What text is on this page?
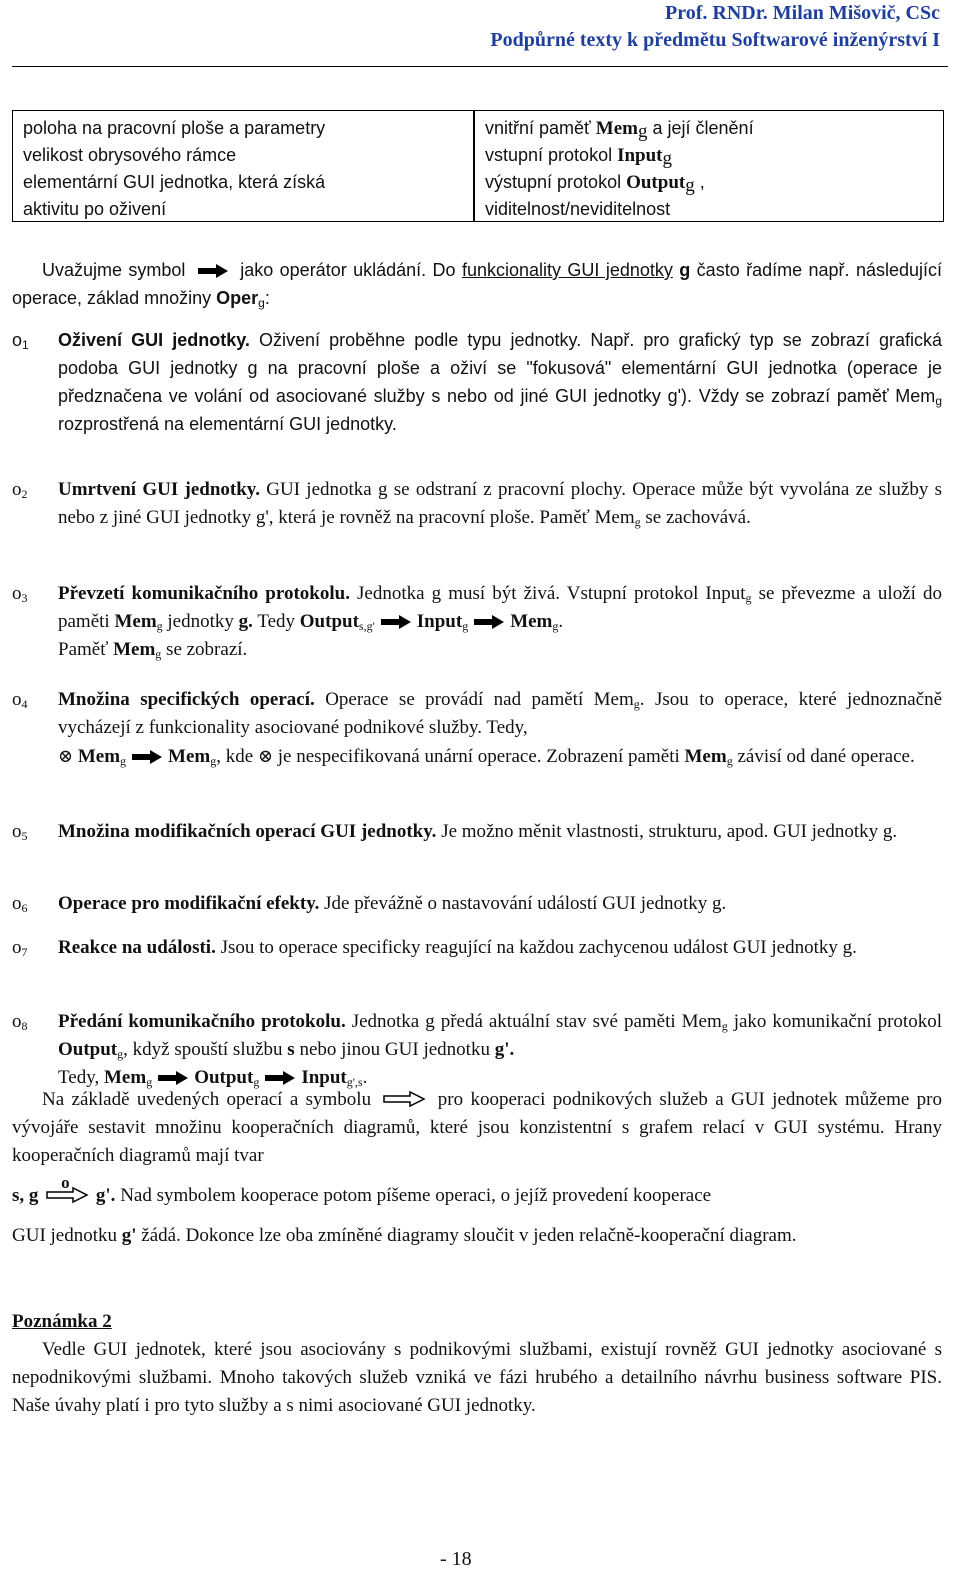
Prof. RNDr. Milan Mišovič, CSc
Podpůrné texty k předmětu Softwarové inženýrství I
poloha na pracovní ploše a parametry
velikost obrysového rámce
elementární GUI jednotka, která získá
aktivitu po oživení
vnitřní paměť Mem$_g$ a její členění
vstupní protokol Input$_g$
výstupní protokol Output$_g$ ,
viditelnost/neviditelnost
Uvažujme symbol  jako operátor ukládání. Do funkcionality GUI jednotky g často řadíme např. následující operace, základ množiny Oper$_g$:
$o_1$ Oživení GUI jednotky. Oživení proběhne podle typu jednotky. Např. pro grafický typ se zobrazí grafická podoba GUI jednotky g na pracovní ploše a oživí se "fokusová" elementární GUI jednotka (operace je předznačena ve volání od asociované služby s nebo od jiné GUI jednotky g'). Vždy se zobrazí paměť Mem$_g$ rozprostřená na elementární GUI jednotky.
$o_2$ Umrtvení GUI jednotky. GUI jednotka g se odstraní z pracovní plochy. Operace může být vyvolána ze služby s nebo z jiné GUI jednotky g', která je rovněž na pracovní ploše. Paměť Mem$_g$ se zachovává.
$o_3$ Převzetí komunikačního protokolu. Jednotka g musí být živá. Vstupní protokol Input$_g$ se převezme a uloží do paměti Mem$_g$ jednotky g. Tedy Output$_{s,g'}$ Input$_g$ Mem$_g$.
Paměť Mem$_g$ se zobrazí.
$o_4$ Množina specifických operací. Operace se provádí nad pamětí Mem$_g$. Jsou to operace, které jednoznačně vycházejí z funkcionality asociované podnikové služby. Tedy,
⊗ Mem$_g$ Mem$_g$, kde ⊗ je nespecifikovaná unární operace. Zobrazení paměti Mem$_g$ závisí od dané operace.
$o_5$ Množina modifikačních operací GUI jednotky. Je možno měnit vlastnosti, strukturu, apod. GUI jednotky g.
$o_6$ Operace pro modifikační efekty. Jde převážně o nastavování událostí GUI jednotky g.
$o_7$ Reakce na události. Jsou to operace specificky reagující na každou zachycenou událost GUI jednotky g.
$o_8$ Předání komunikačního protokolu. Jednotka g předá aktuální stav své paměti Mem$_g$ jako komunikační protokol Output$_g$, když spouští službu s nebo jinou GUI jednotku g'.
Tedy, Mem$_g$ Output$_g$ Input$_{g',s}$.
Na základě uvedených operací a symbolu	pro kooperaci podnikových služeb a GUI jednotek můžeme pro vývojáře sestavit množinu kooperačních diagramů, které jsou konzistentní s grafem relací v GUI systému. Hrany kooperačních diagramů mají tvar
s, g
o
g'. Nad symbolem kooperace potom píšeme operaci, o jejíž provedení kooperace
GUI jednotku g' žádá. Dokonce lze oba zmíněné diagramy sloučit v jeden relačně-kooperační diagram.
Poznámka 2
Vedle GUI jednotek, které jsou asociovány s podnikovými službami, existují rovněž GUI jednotky asociované s nepodnikovými službami. Mnoho takových služeb vzniká ve fázi hrubého a detailního návrhu business software PIS. Naše úvahy platí i pro tyto služby a s nimi asociované GUI jednotky.
- 18
